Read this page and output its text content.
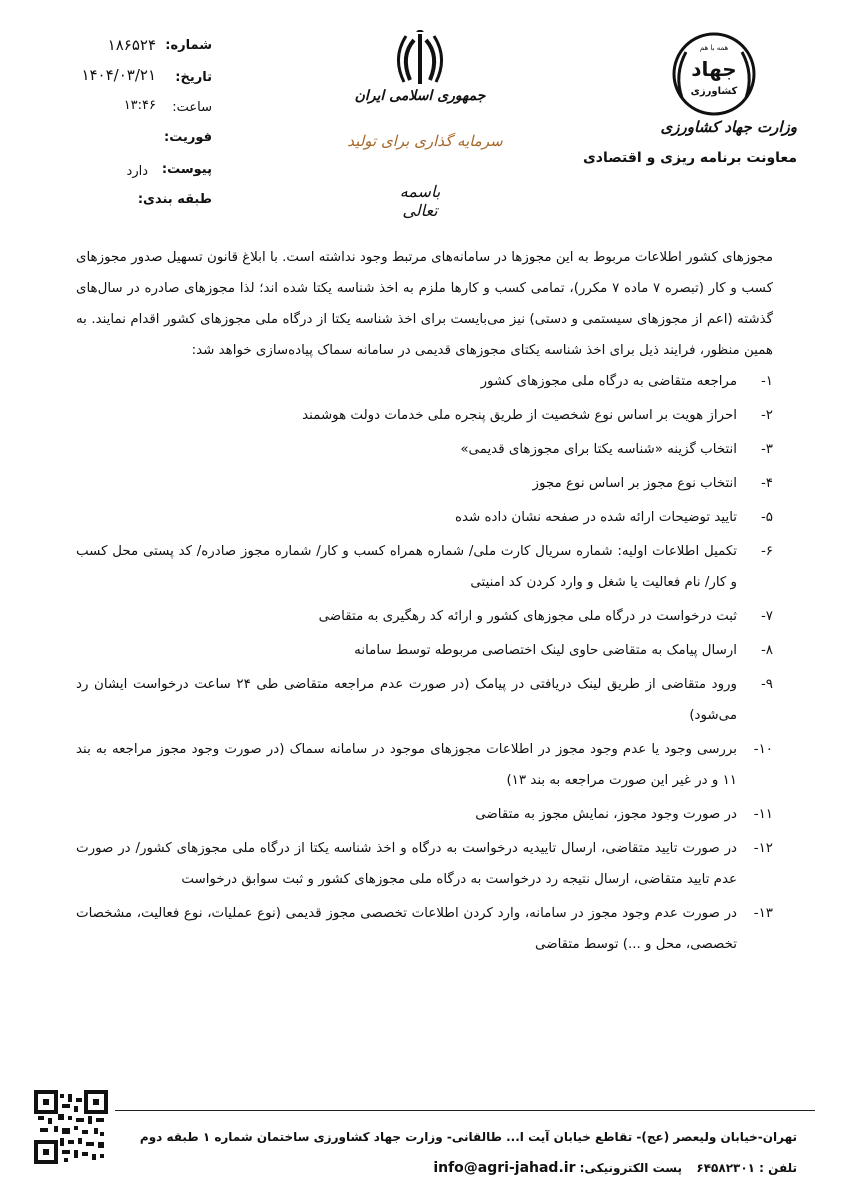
همه با هم
جهاد
کشاورزی
وزارت جهاد کشاورزی
معاونت برنامه ریزی و اقتصادی
جمهوری اسلامی ایران
سرمایه گذاری برای تولید
باسمه تعالی
شماره:
۱۸۶۵۲۴
تاریخ:
۱۴۰۴/۰۳/۲۱
ساعت:
۱۳:۴۶
فوریت:
پیوست:
دارد
طبقه بندی:

مجوزهای کشور اطلاعات مربوط به این مجوزها در سامانه‌های مرتبط وجود نداشته است. با ابلاغ قانون تسهیل صدور مجوزهای کسب و کار (تبصره ۷ ماده ۷ مکرر)، تمامی کسب و کارها ملزم به اخذ شناسه یکتا شده اند؛ لذا مجوزهای صادره در سال‌های گذشته (اعم از مجوزهای سیستمی و دستی) نیز می‌بایست برای اخذ شناسه یکتا از درگاه ملی مجوزهای کشور اقدام نمایند. به همین منظور، فرایند ذیل برای اخذ شناسه یکتای مجوزهای قدیمی در سامانه سماک پیاده‌سازی خواهد شد:

۱-
مراجعه متقاضی به درگاه ملی مجوزهای کشور
۲-
احراز هویت بر اساس نوع شخصیت از طریق پنجره ملی خدمات دولت هوشمند
۳-
انتخاب گزینه «شناسه یکتا برای مجوزهای قدیمی»
۴-
انتخاب نوع مجوز بر اساس نوع مجوز
۵-
تایید توضیحات ارائه شده در صفحه نشان داده شده
۶-
تکمیل اطلاعات اولیه: شماره سریال کارت ملی/ شماره همراه کسب و کار/ شماره مجوز صادره/ کد پستی محل کسب و کار/ نام فعالیت یا شغل و وارد کردن کد امنیتی
۷-
ثبت درخواست در درگاه ملی مجوزهای کشور و ارائه کد رهگیری به متقاضی
۸-
ارسال پیامک به متقاضی حاوی لینک اختصاصی مربوطه توسط سامانه
۹-
ورود متقاضی از طریق لینک دریافتی در پیامک (در صورت عدم مراجعه متقاضی طی ۲۴ ساعت درخواست ایشان رد می‌شود)
۱۰-
بررسی وجود یا عدم وجود مجوز در اطلاعات مجوزهای موجود در سامانه سماک (در صورت وجود مجوز مراجعه به بند ۱۱ و در غیر این صورت مراجعه به بند ۱۳)
۱۱-
در صورت وجود مجوز، نمایش مجوز به متقاضی
۱۲-
در صورت تایید متقاضی، ارسال تاییدیه درخواست به درگاه و اخذ شناسه یکتا از درگاه ملی مجوزهای کشور/ در صورت عدم تایید متقاضی، ارسال نتیجه رد درخواست به درگاه ملی مجوزهای کشور و ثبت سوابق درخواست
۱۳-
در صورت عدم وجود مجوز در سامانه، وارد کردن اطلاعات تخصصی مجوز قدیمی (نوع عملیات، نوع فعالیت، مشخصات تخصصی، محل و ...) توسط متقاضی
تهران-خیابان ولیعصر (عج)- تقاطع خیابان آیت ا... طالقانی- وزارت جهاد کشاورزی ساختمان شماره ۱ طبقه دوم
تلفن : ۶۴۵۸۲۳۰۱  پست الکترونیکی: info@agri-jahad.ir
